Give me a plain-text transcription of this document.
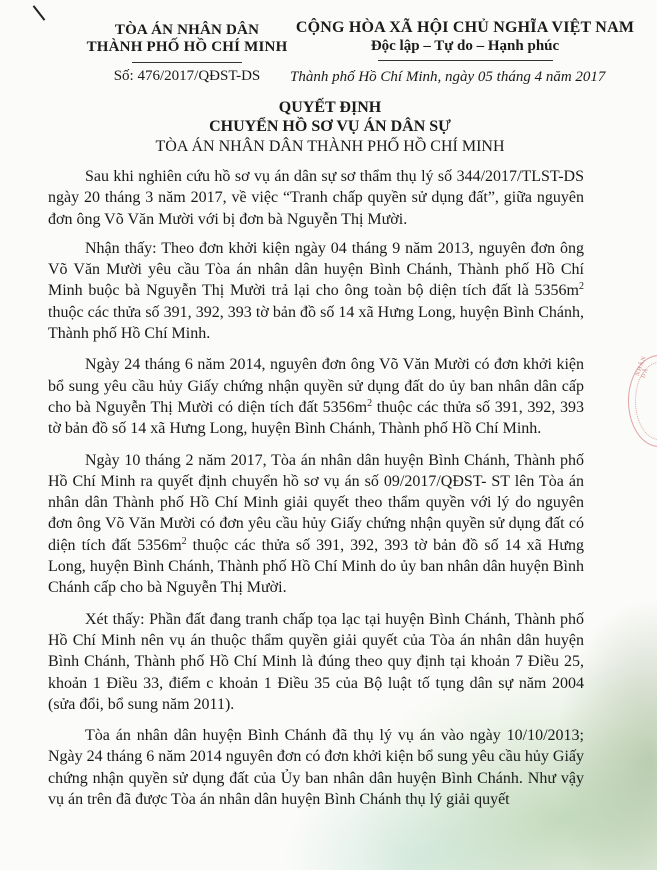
TÒA ÁN NHÂN DÂN
THÀNH PHỐ HỒ CHÍ MINH
Số: 476/2017/QĐST-DS
CỘNG HÒA XÃ HỘI CHỦ NGHĨA VIỆT NAM
Độc lập – Tự do – Hạnh phúc
Thành phố Hồ Chí Minh, ngày 05 tháng 4 năm 2017
QUYẾT ĐỊNH
CHUYỂN HỒ SƠ VỤ ÁN DÂN SỰ
TÒA ÁN NHÂN DÂN THÀNH PHỐ HỒ CHÍ MINH

Sau khi nghiên cứu hồ sơ vụ án dân sự sơ thẩm thụ lý số 344/2017/TLST-DS ngày 20 tháng 3 năm 2017, về việc “Tranh chấp quyền sử dụng đất”, giữa nguyên đơn ông Võ Văn Mười với bị đơn bà Nguyễn Thị Mười.

Nhận thấy: Theo đơn khởi kiện ngày 04 tháng 9 năm 2013, nguyên đơn ông Võ Văn Mười yêu cầu Tòa án nhân dân huyện Bình Chánh, Thành phố Hồ Chí Minh buộc bà Nguyễn Thị Mười trả lại cho ông toàn bộ diện tích đất là $5356m^2$ thuộc các thửa số 391, 392, 393 tờ bản đồ số 14 xã Hưng Long, huyện Bình Chánh, Thành phố Hồ Chí Minh.

Ngày 24 tháng 6 năm 2014, nguyên đơn ông Võ Văn Mười có đơn khởi kiện bổ sung yêu cầu hủy Giấy chứng nhận quyền sử dụng đất do ủy ban nhân dân cấp cho bà Nguyễn Thị Mười có diện tích đất $5356m^2$ thuộc các thửa số 391, 392, 393 tờ bản đồ số 14 xã Hưng Long, huyện Bình Chánh, Thành phố Hồ Chí Minh.

Ngày 10 tháng 2 năm 2017, Tòa án nhân dân huyện Bình Chánh, Thành phố Hồ Chí Minh ra quyết định chuyển hồ sơ vụ án số 09/2017/QĐST- ST lên Tòa án nhân dân Thành phố Hồ Chí Minh giải quyết theo thẩm quyền với lý do nguyên đơn ông Võ Văn Mười có đơn yêu cầu hủy Giấy chứng nhận quyền sử dụng đất có diện tích đất $5356m^2$ thuộc các thửa số 391, 392, 393 tờ bản đồ số 14 xã Hưng Long, huyện Bình Chánh, Thành phố Hồ Chí Minh do ủy ban nhân dân huyện Bình Chánh cấp cho bà Nguyễn Thị Mười.

Xét thấy: Phần đất đang tranh chấp tọa lạc tại huyện Bình Chánh, Thành phố Hồ Chí Minh nên vụ án thuộc thẩm quyền giải quyết của Tòa án nhân dân huyện Bình Chánh, Thành phố Hồ Chí Minh là đúng theo quy định tại khoản 7 Điều 25, khoản 1 Điều 33, điểm c khoản 1 Điều 35 của Bộ luật tố tụng dân sự năm 2004 (sửa đổi, bổ sung năm 2011).

Tòa án nhân dân huyện Bình Chánh đã thụ lý vụ án vào ngày 10/10/2013; Ngày 24 tháng 6 năm 2014 nguyên đơn có đơn khởi kiện bổ sung yêu cầu hủy Giấy chứng nhận quyền sử dụng đất của Ủy ban nhân dân huyện Bình Chánh. Như vậy vụ án trên đã được Tòa án nhân dân huyện Bình Chánh thụ lý giải quyết

NHÂN DÂ
